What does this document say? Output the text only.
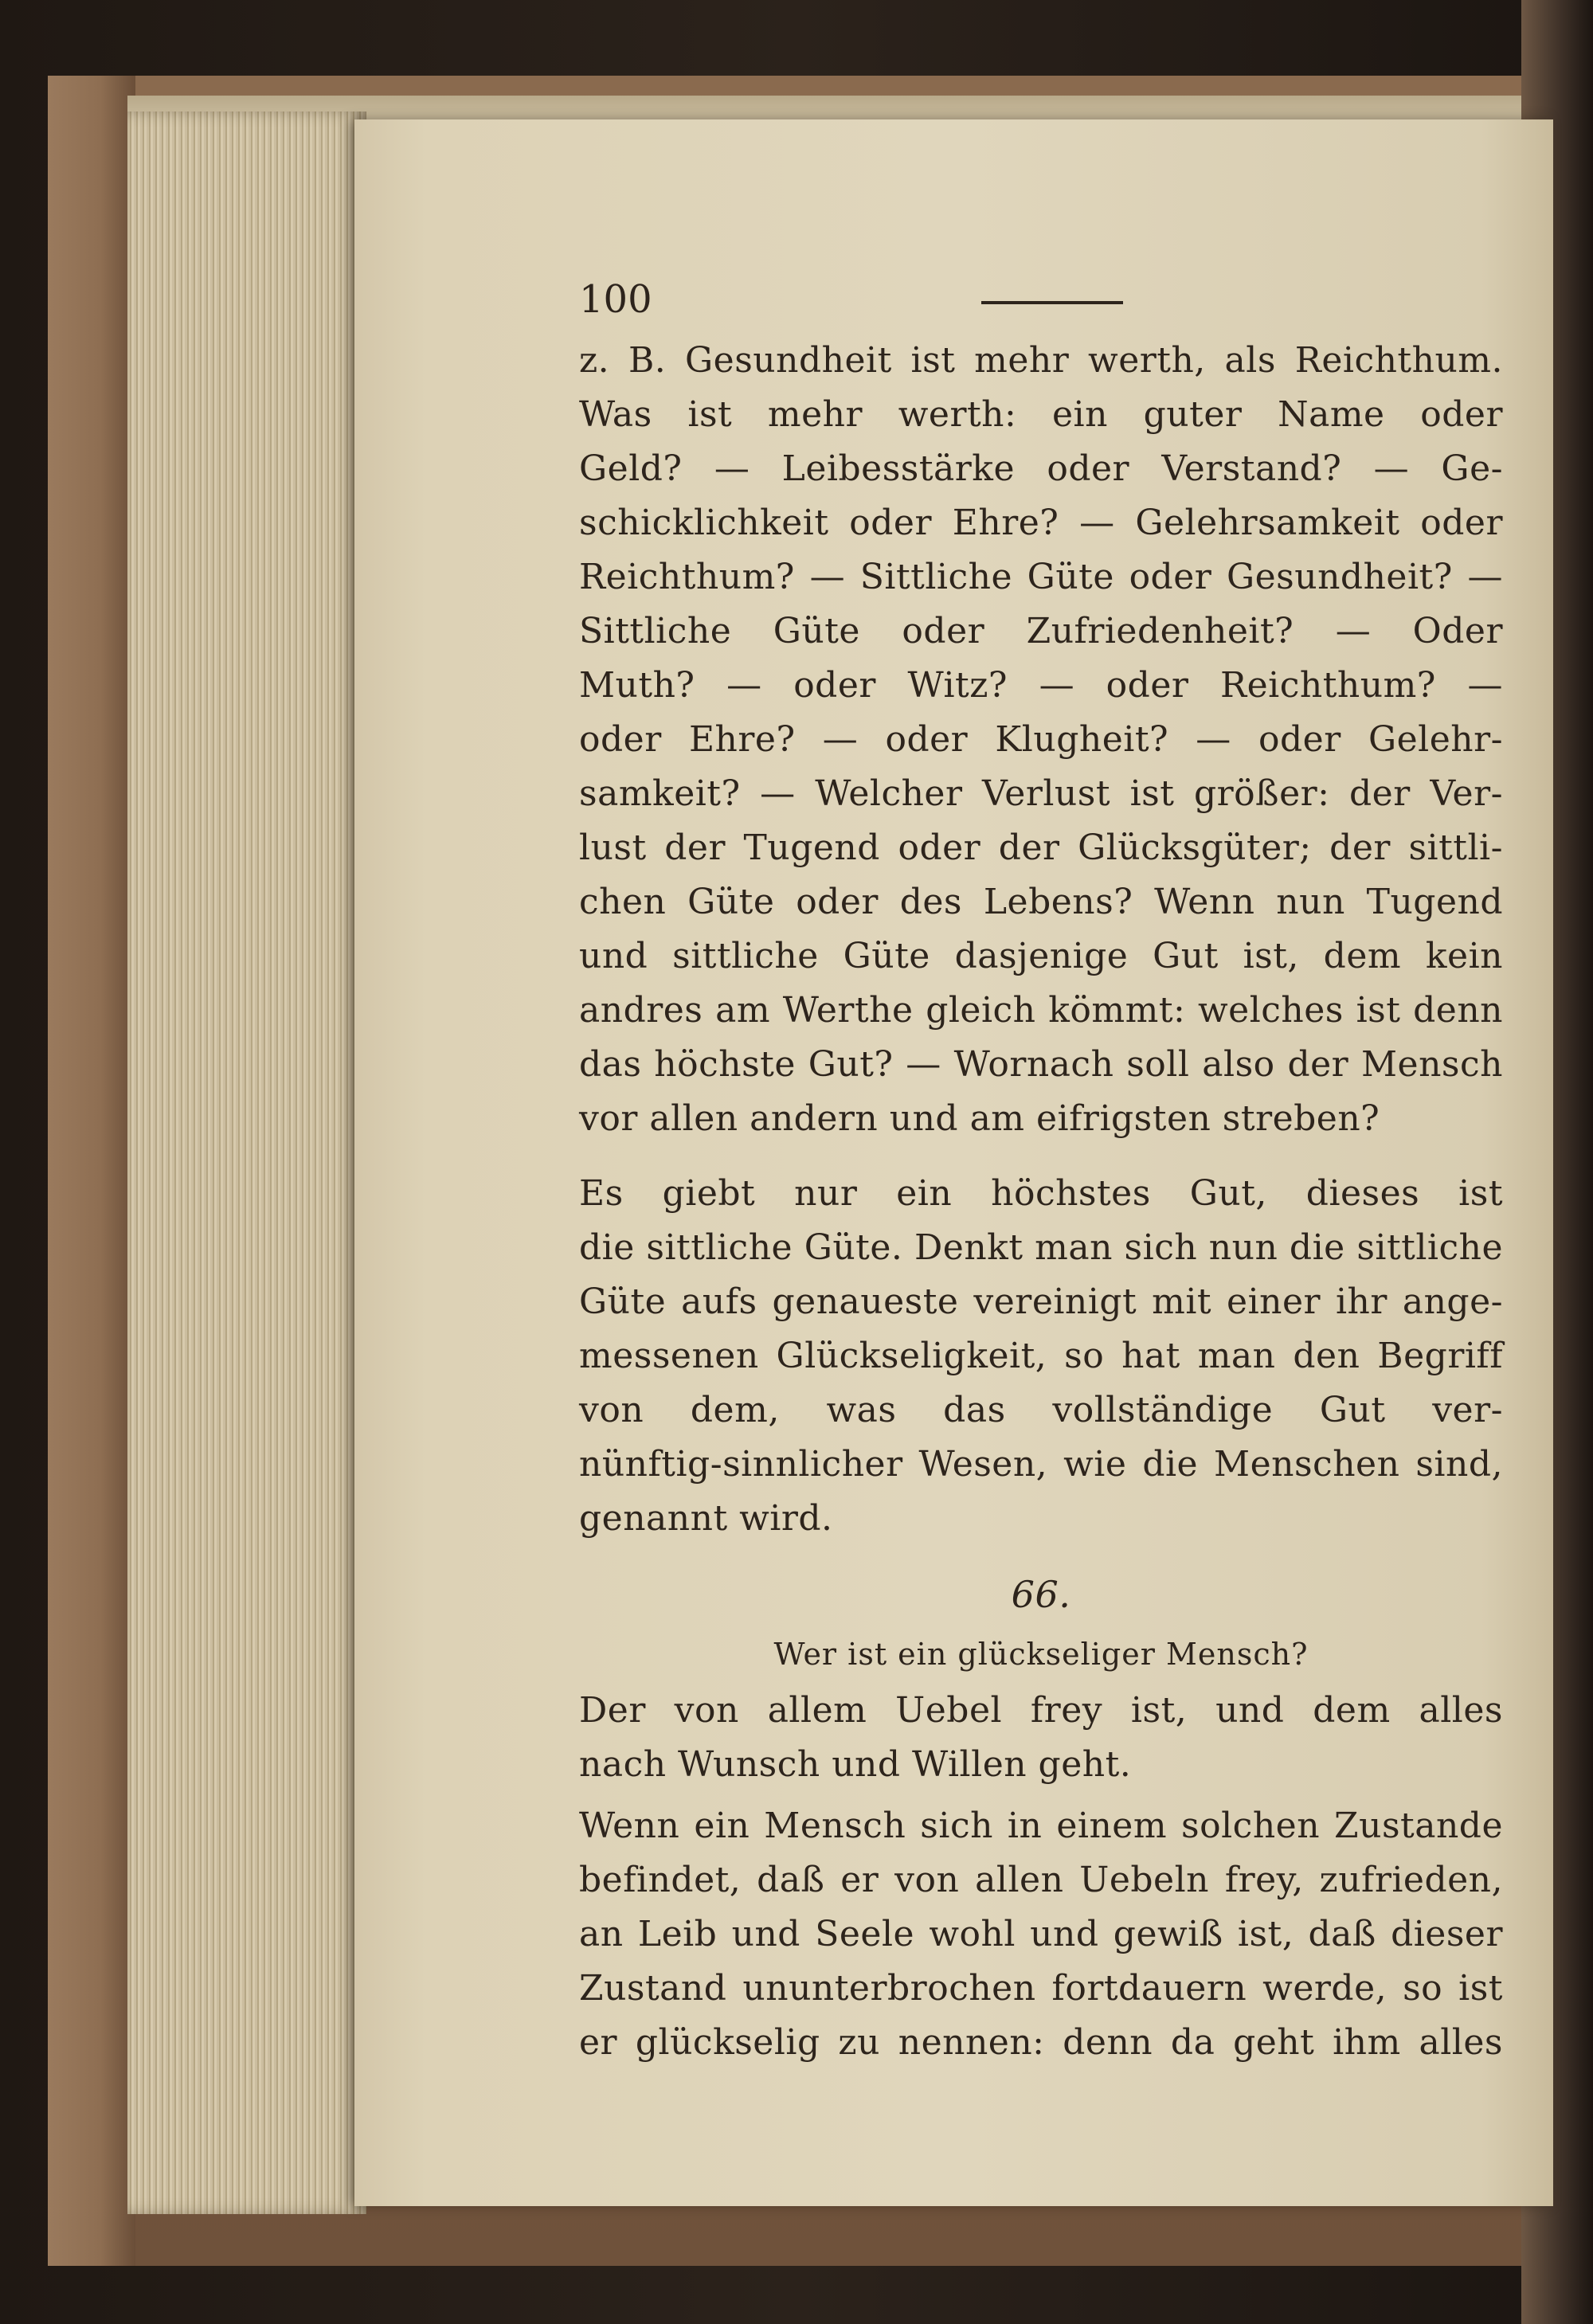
100
z. B. Gesundheit ist mehr werth, als Reichthum.
Was ist mehr werth: ein guter Name oder
Geld? — Leibesstärke oder Verstand? — Ge-
schicklichkeit oder Ehre? — Gelehrsamkeit oder
Reichthum? — Sittliche Güte oder Gesundheit? —
Sittliche Güte oder Zufriedenheit? — Oder
Muth? — oder Witz? — oder Reichthum? —
oder Ehre? — oder Klugheit? — oder Gelehr-
samkeit? — Welcher Verlust ist größer: der Ver-
lust der Tugend oder der Glücksgüter; der sittli-
chen Güte oder des Lebens? Wenn nun Tugend
und sittliche Güte dasjenige Gut ist, dem kein
andres am Werthe gleich kömmt: welches ist denn
das höchste Gut? — Wornach soll also der Mensch
vor allen andern und am eifrigsten streben?
Es giebt nur ein höchstes Gut, dieses ist
die sittliche Güte. Denkt man sich nun die sittliche
Güte aufs genaueste vereinigt mit einer ihr ange-
messenen Glückseligkeit, so hat man den Begriff
von dem, was das vollständige Gut ver-
nünftig-sinnlicher Wesen, wie die Menschen sind,
genannt wird.
66.
Wer ist ein glückseliger Mensch?
Der von allem Uebel frey ist, und dem alles
nach Wunsch und Willen geht.
Wenn ein Mensch sich in einem solchen Zustande
befindet, daß er von allen Uebeln frey, zufrieden,
an Leib und Seele wohl und gewiß ist, daß dieser
Zustand ununterbrochen fortdauern werde, so ist
er glückselig zu nennen: denn da geht ihm alles
